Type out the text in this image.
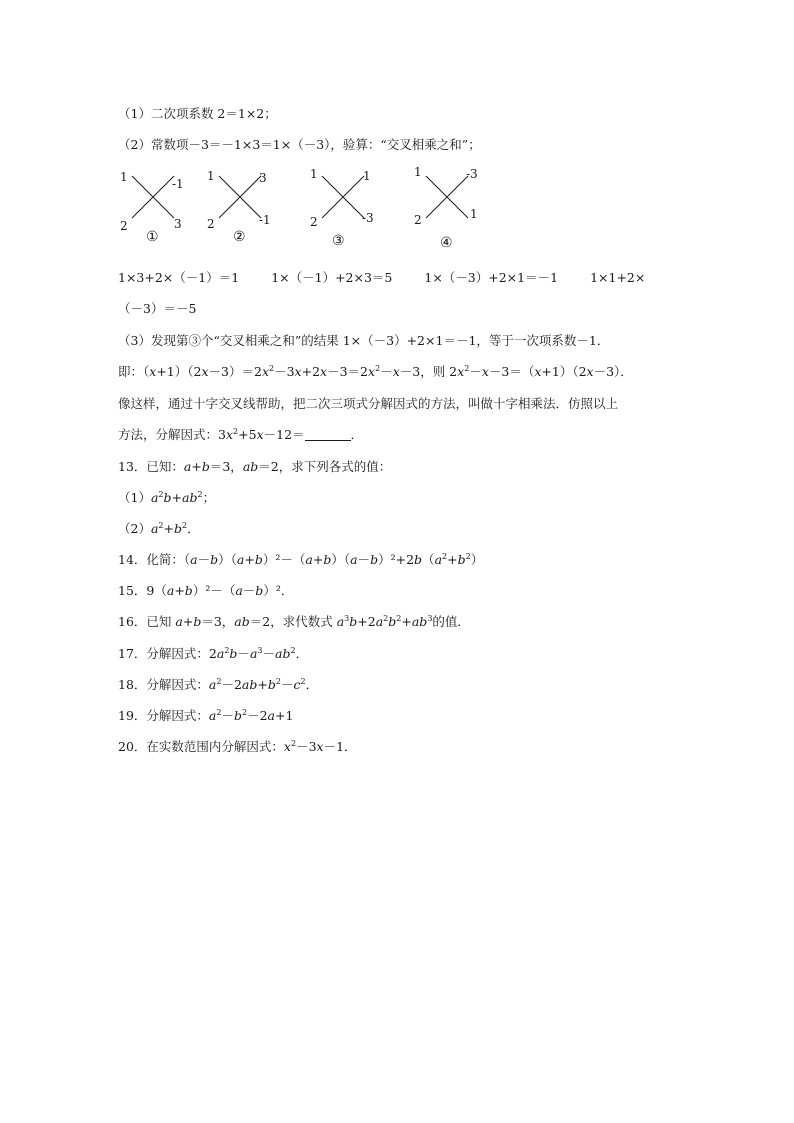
（1）二次项系数 2＝1×2；
（2）常数项－3＝－1×3＝1×（－3），验算：“交叉相乘之和”；
1	-1
2	3
①
1	3
2	-1
②
1	1
2	-3
③
1	-3
2	1
④
1×3+2×（－1）＝1	1×（－1）+2×3＝5	1×（－3）+2×1＝－1	1×1+2×
（－3）＝－5
（3）发现第③个“交叉相乘之和”的结果 1×（－3）+2×1＝－1，等于一次项系数－1．
即：$(x+1)(2x-3)=2x^2-3x+2x-3=2x^2-x-3$，则 $2x^2-x-3=(x+1)(2x-3)$．
像这样，通过十字交叉线帮助，把二次三项式分解因式的方法，叫做十字相乘法．仿照以上
方法，分解因式：$3x^2+5x-12=$	．
13．已知：a+b＝3，ab＝2，求下列各式的值：
$(1)a^2b+ab^2$；
$(2)a^2+b^2$．
14．化简：$(a-b)(a+b)^2-(a+b)(a-b)^2+2b(a^2+b^2)$
15．9（a+b）²－（a－b）²．
16．已知 a+b＝3，ab＝2，求代数式 $a^3b+2a^2b^2+ab^3$的值．
17．分解因式：$2a^2b-a^3-ab^2$．
18．分解因式：$a^2-2ab+b^2-c^2$．
19．分解因式：$a^2-b^2-2a+1$
20．在实数范围内分解因式：$x^2-3x-1$．
